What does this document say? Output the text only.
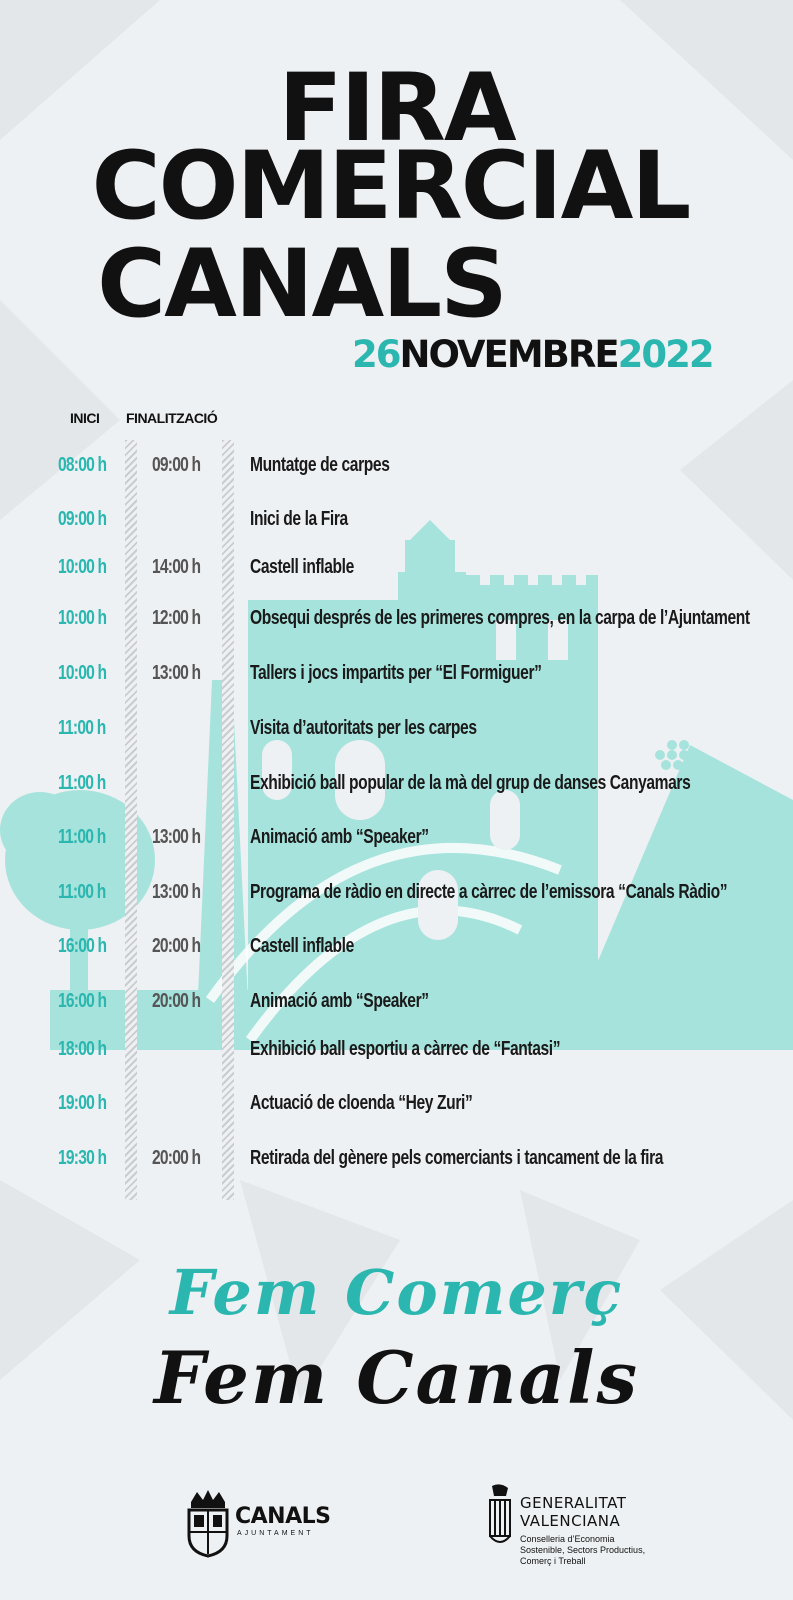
FIRA
COMERCIAL
CANALS
26NOVEMBRE2022
INICI FINALITZACIÓ
08:00 h 09:00 h Muntatge de carpes
09:00 h	Inici de la Fira
10:00 h 14:00 h Castell inflable
10:00 h 12:00 h Obsequi després de les primeres compres, en la carpa de l’Ajuntament
10:00 h 13:00 h Tallers i jocs impartits per “El Formiguer”
11:00 h	Visita d’autoritats per les carpes
11:00 h	Exhibició ball popular de la mà del grup de danses Canyamars
11:00 h 13:00 h Animació amb “Speaker”
11:00 h 13:00 h Programa de ràdio en directe a càrrec de l’emissora “Canals Ràdio”
16:00 h 20:00 h Castell inflable
16:00 h 20:00 h Animació amb “Speaker”
18:00 h	Exhibició ball esportiu a càrrec de “Fantasi”
19:00 h	Actuació de cloenda “Hey Zuri”
19:30 h 20:00 h Retirada del gènere pels comerciants i tancament de la fira
Fem Comerç
Fem Canals
CANALS
AJUNTAMENT
GENERALITAT
VALENCIANA
Conselleria d’Economia
Sostenible, Sectors Productius,
Comerç i Treball
